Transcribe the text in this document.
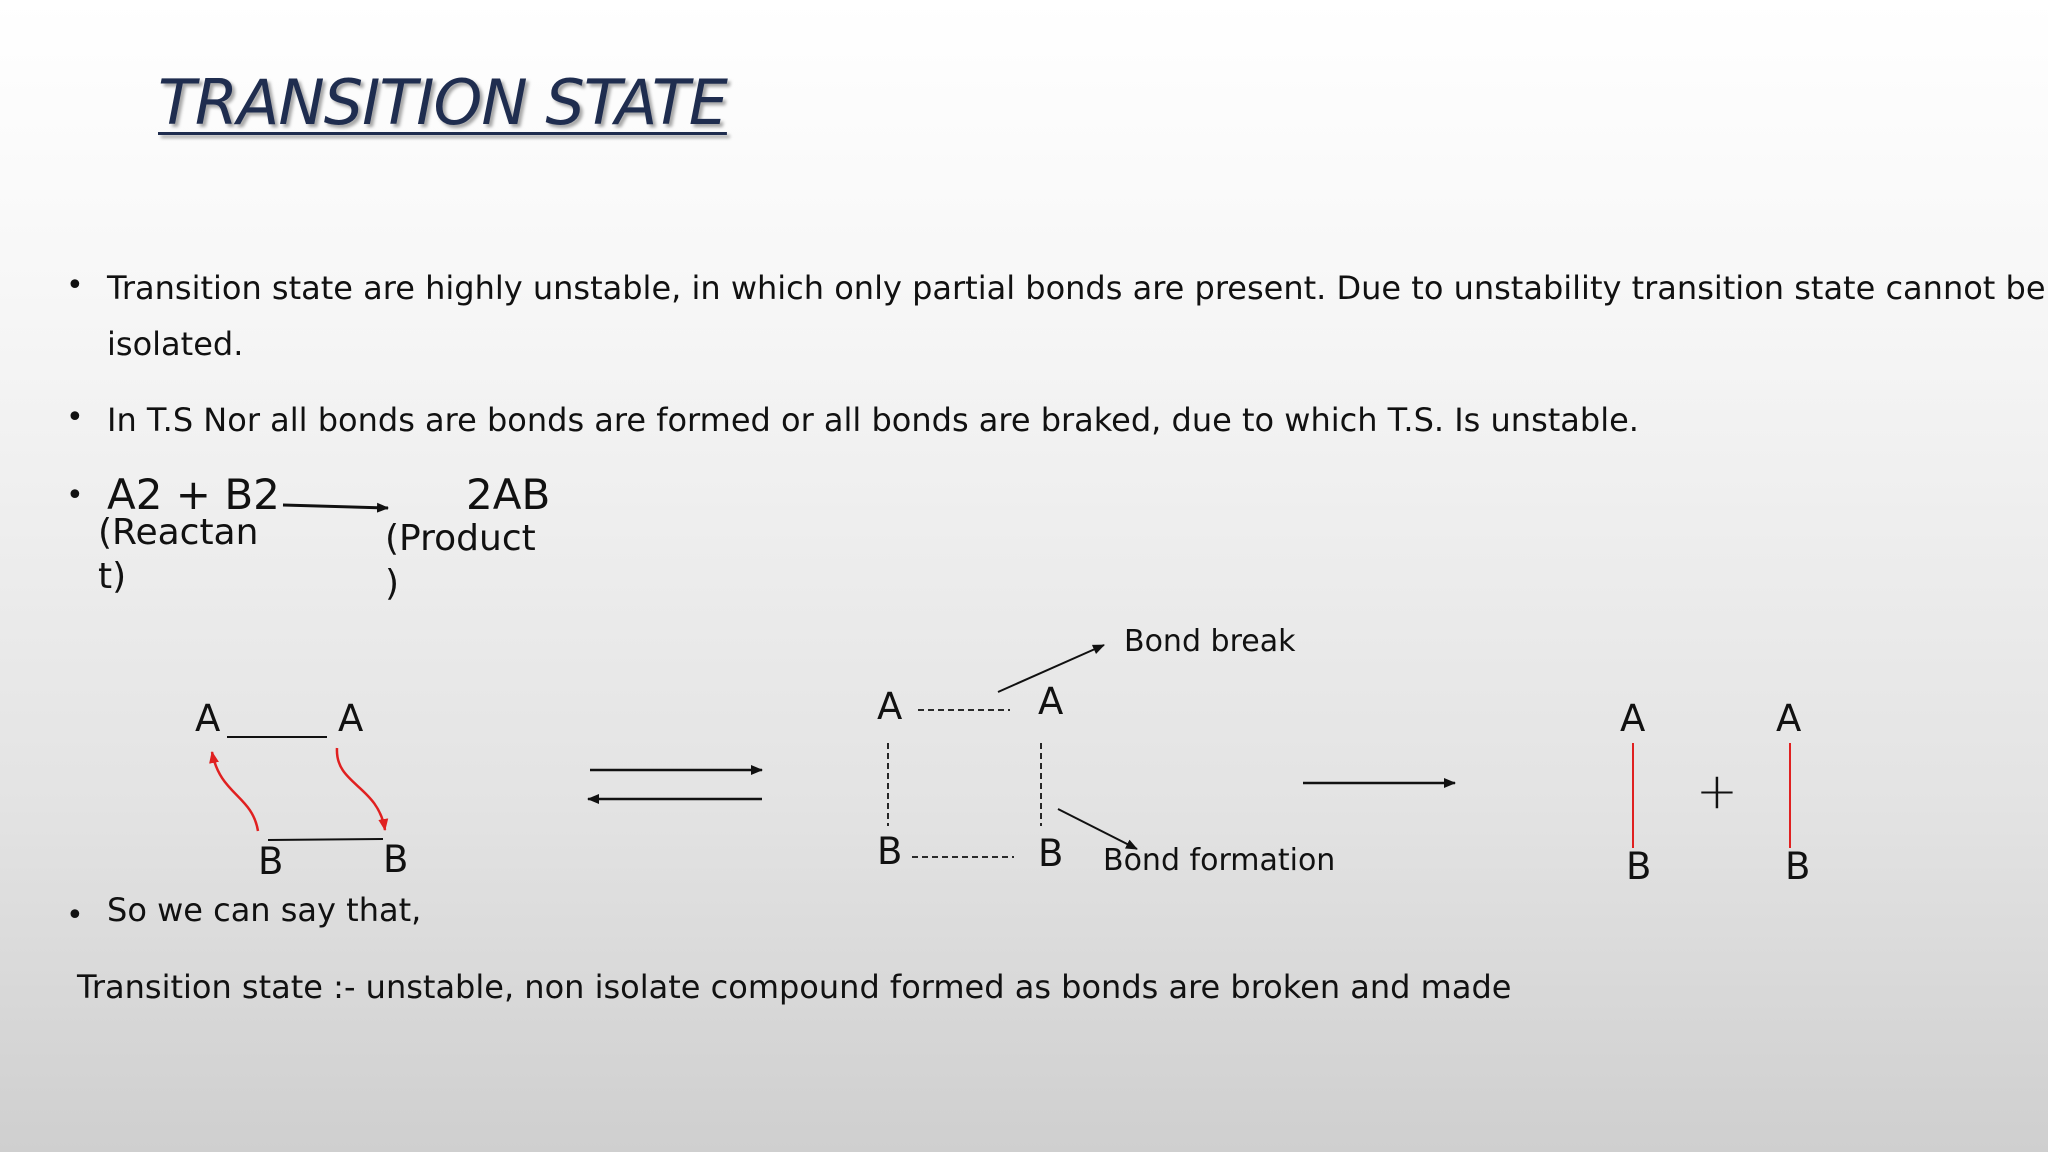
TRANSITION STATE
• Transition state are highly unstable, in which only partial bonds are present. Due to unstability transition state cannot be
isolated.
• In T.S Nor all bonds are bonds are formed or all bonds are braked, due to which T.S. Is unstable.
• A2 + B2	2AB
(Reactan
t)
(Product
)
A	A
B	B
A	A
B	B
Bond break
Bond formation
A	A
B	B
+
• So we can say that,
Transition state :- unstable, non isolate compound formed as bonds are broken and made
